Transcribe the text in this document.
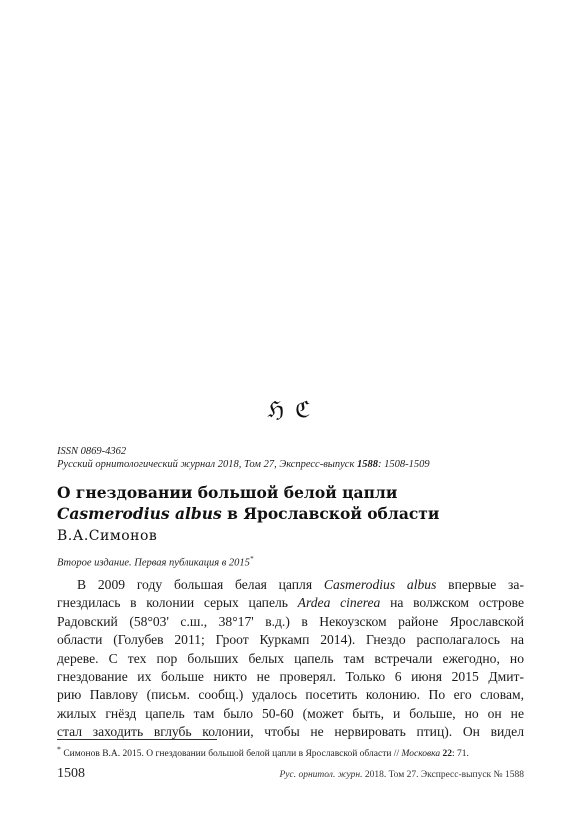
ℌ ℭ
ISSN 0869-4362
Русский орнитологический журнал 2018, Том 27, Экспресс-выпуск 1588: 1508-1509
О гнездовании большой белой цапли
Casmerodius albus в Ярославской области
В.А.Симонов
Второе издание. Первая публикация в 2015*
В 2009 году большая белая цапля Casmerodius albus впервые за-
гнездилась в колонии серых цапель Ardea cinerea на волжском острове
Радовский (58°03' с.ш., 38°17' в.д.) в Некоузском районе Ярославской
области (Голубев 2011; Гроот Куркамп 2014). Гнездо располагалось на
дереве. С тех пор больших белых цапель там встречали ежегодно, но
гнездование их больше никто не проверял. Только 6 июня 2015 Дмит-
рию Павлову (письм. сообщ.) удалось посетить колонию. По его словам,
жилых гнёзд цапель там было 50-60 (может быть, и больше, но он не
стал заходить вглубь колонии, чтобы не нервировать птиц). Он видел
* Симонов В.А. 2015. О гнездовании большой белой цапли в Ярославской области // Московка 22: 71.
1508	Рус. орнитол. журн. 2018. Том 27. Экспресс-выпуск № 1588
